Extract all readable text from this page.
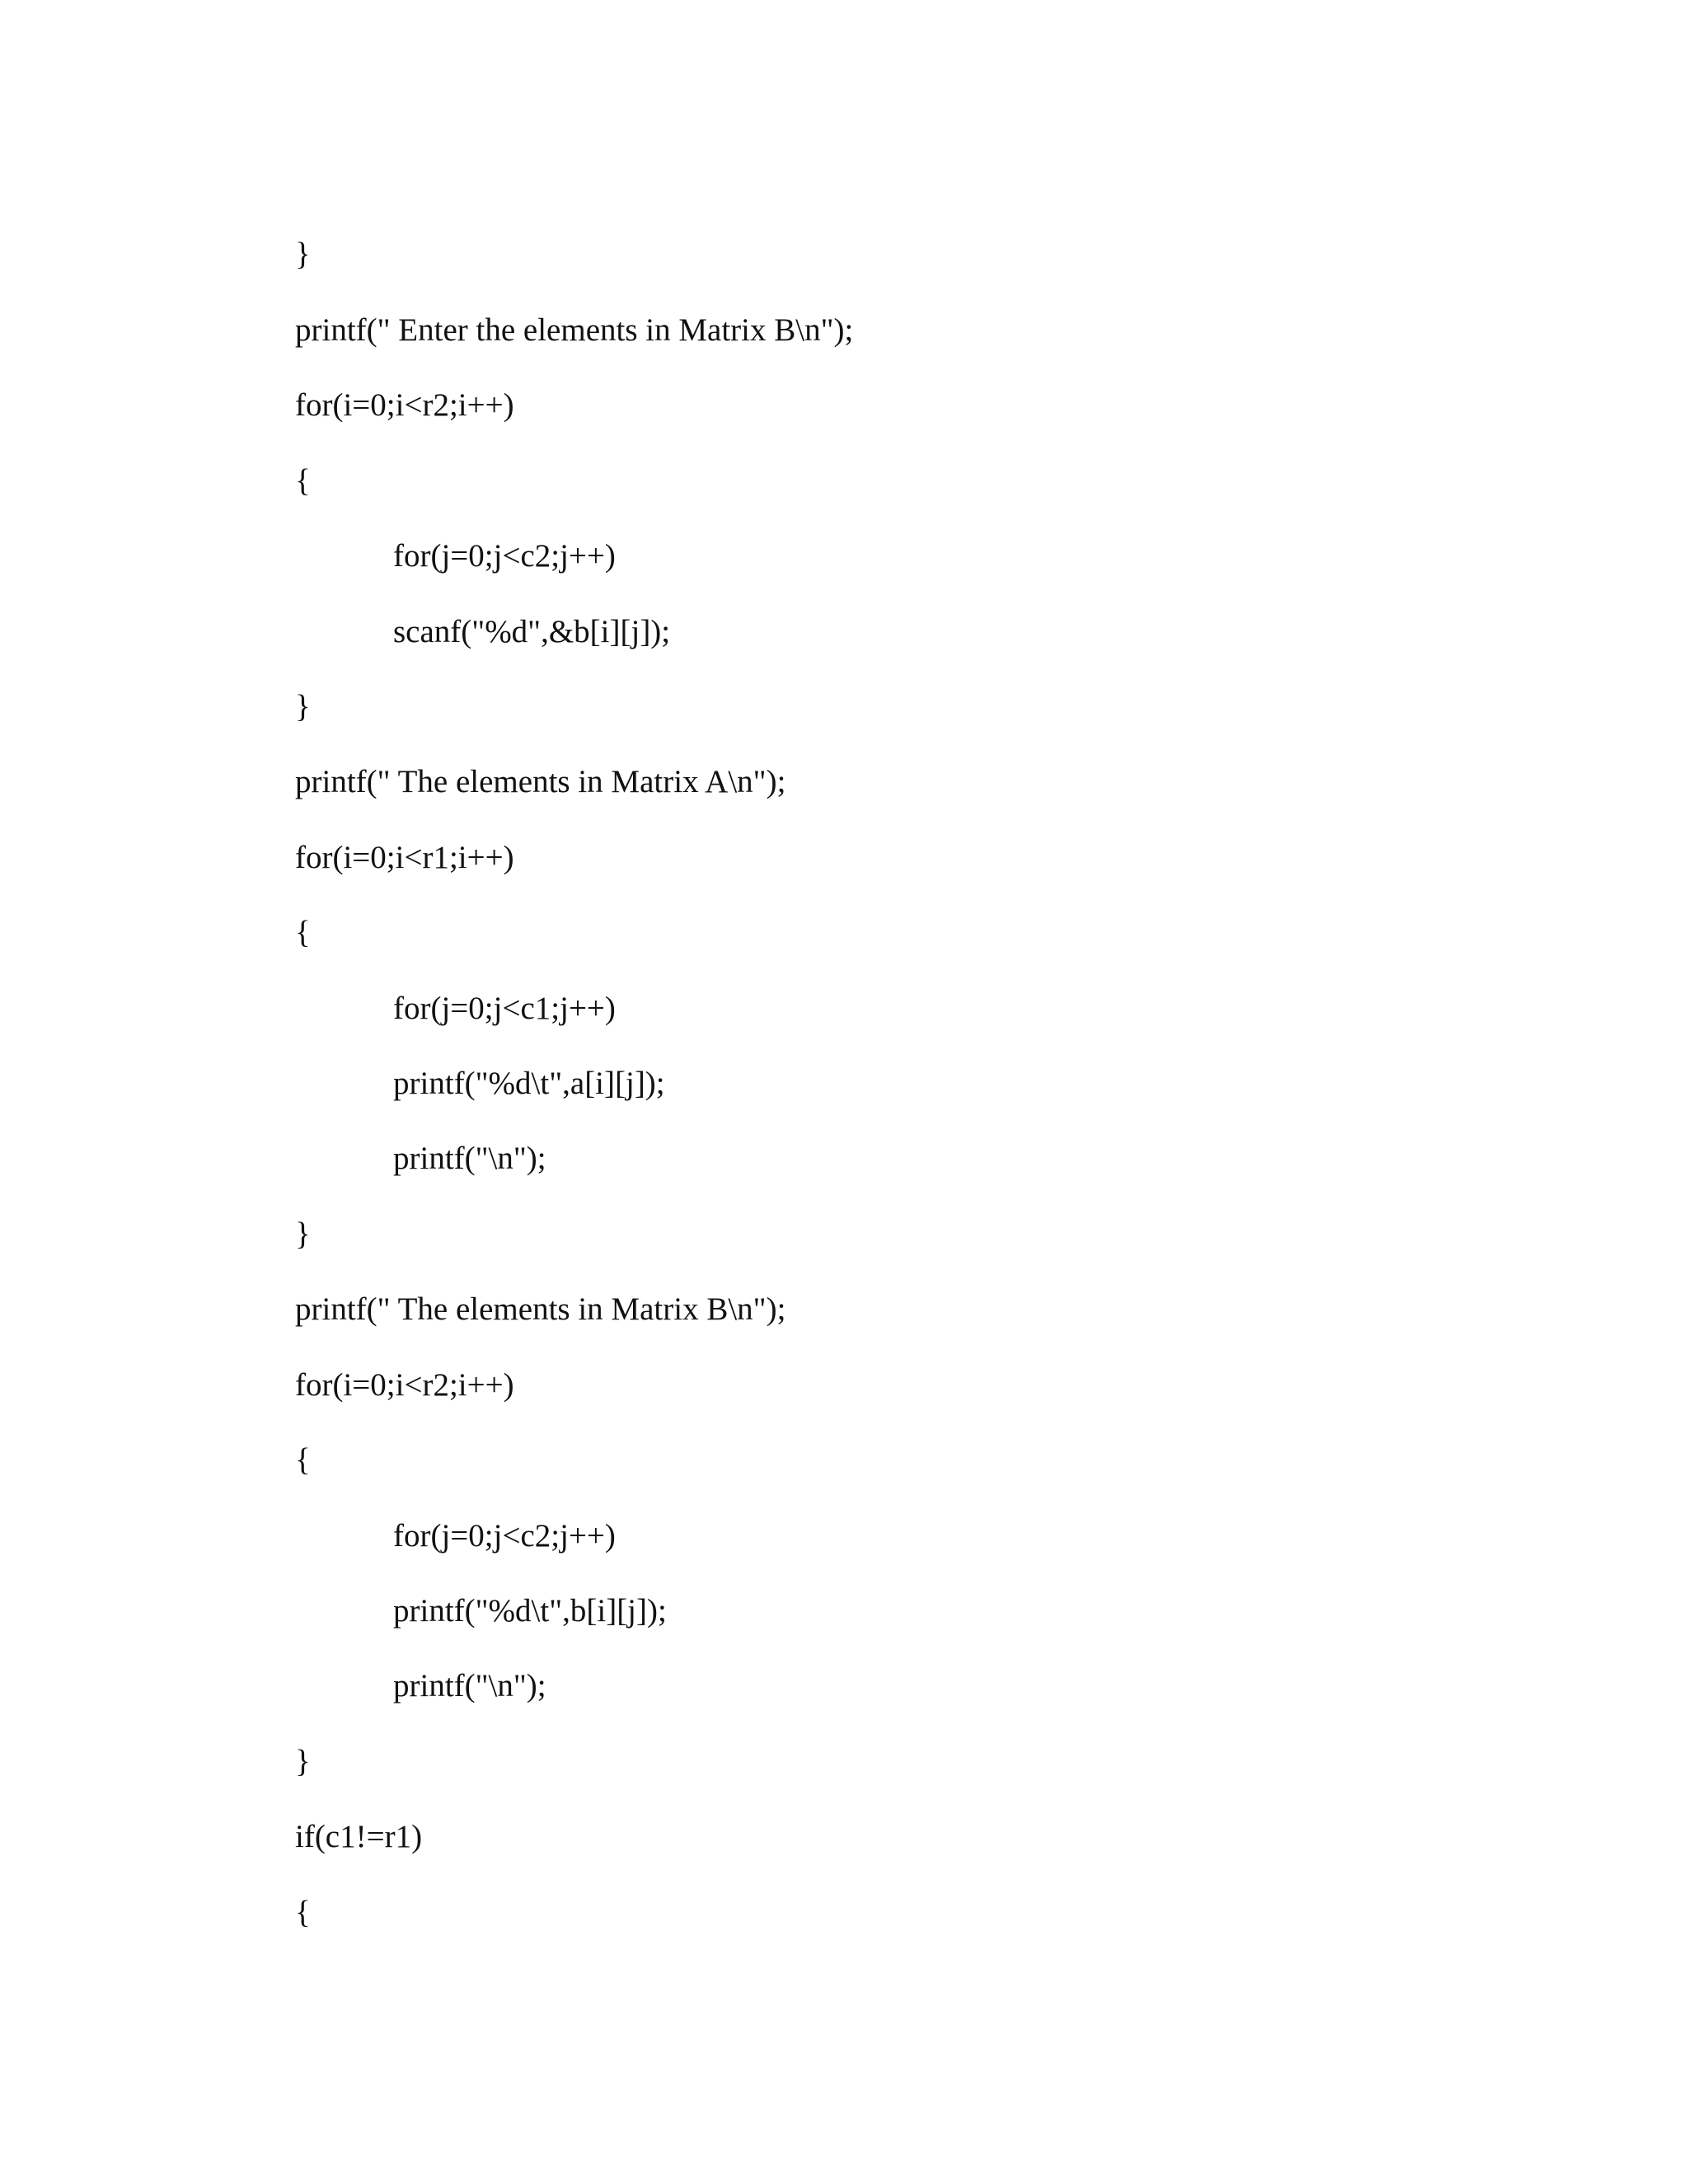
}

printf(" Enter the elements in Matrix B\n");

for(i=0;i<r2;i++)

{

for(j=0;j<c2;j++)

scanf("%d",&b[i][j]);

}

printf(" The elements in Matrix A\n");

for(i=0;i<r1;i++)

{

for(j=0;j<c1;j++)

printf("%d\t",a[i][j]);

printf("\n");

}

printf(" The elements in Matrix B\n");

for(i=0;i<r2;i++)

{

for(j=0;j<c2;j++)

printf("%d\t",b[i][j]);

printf("\n");

}

if(c1!=r1)

{
